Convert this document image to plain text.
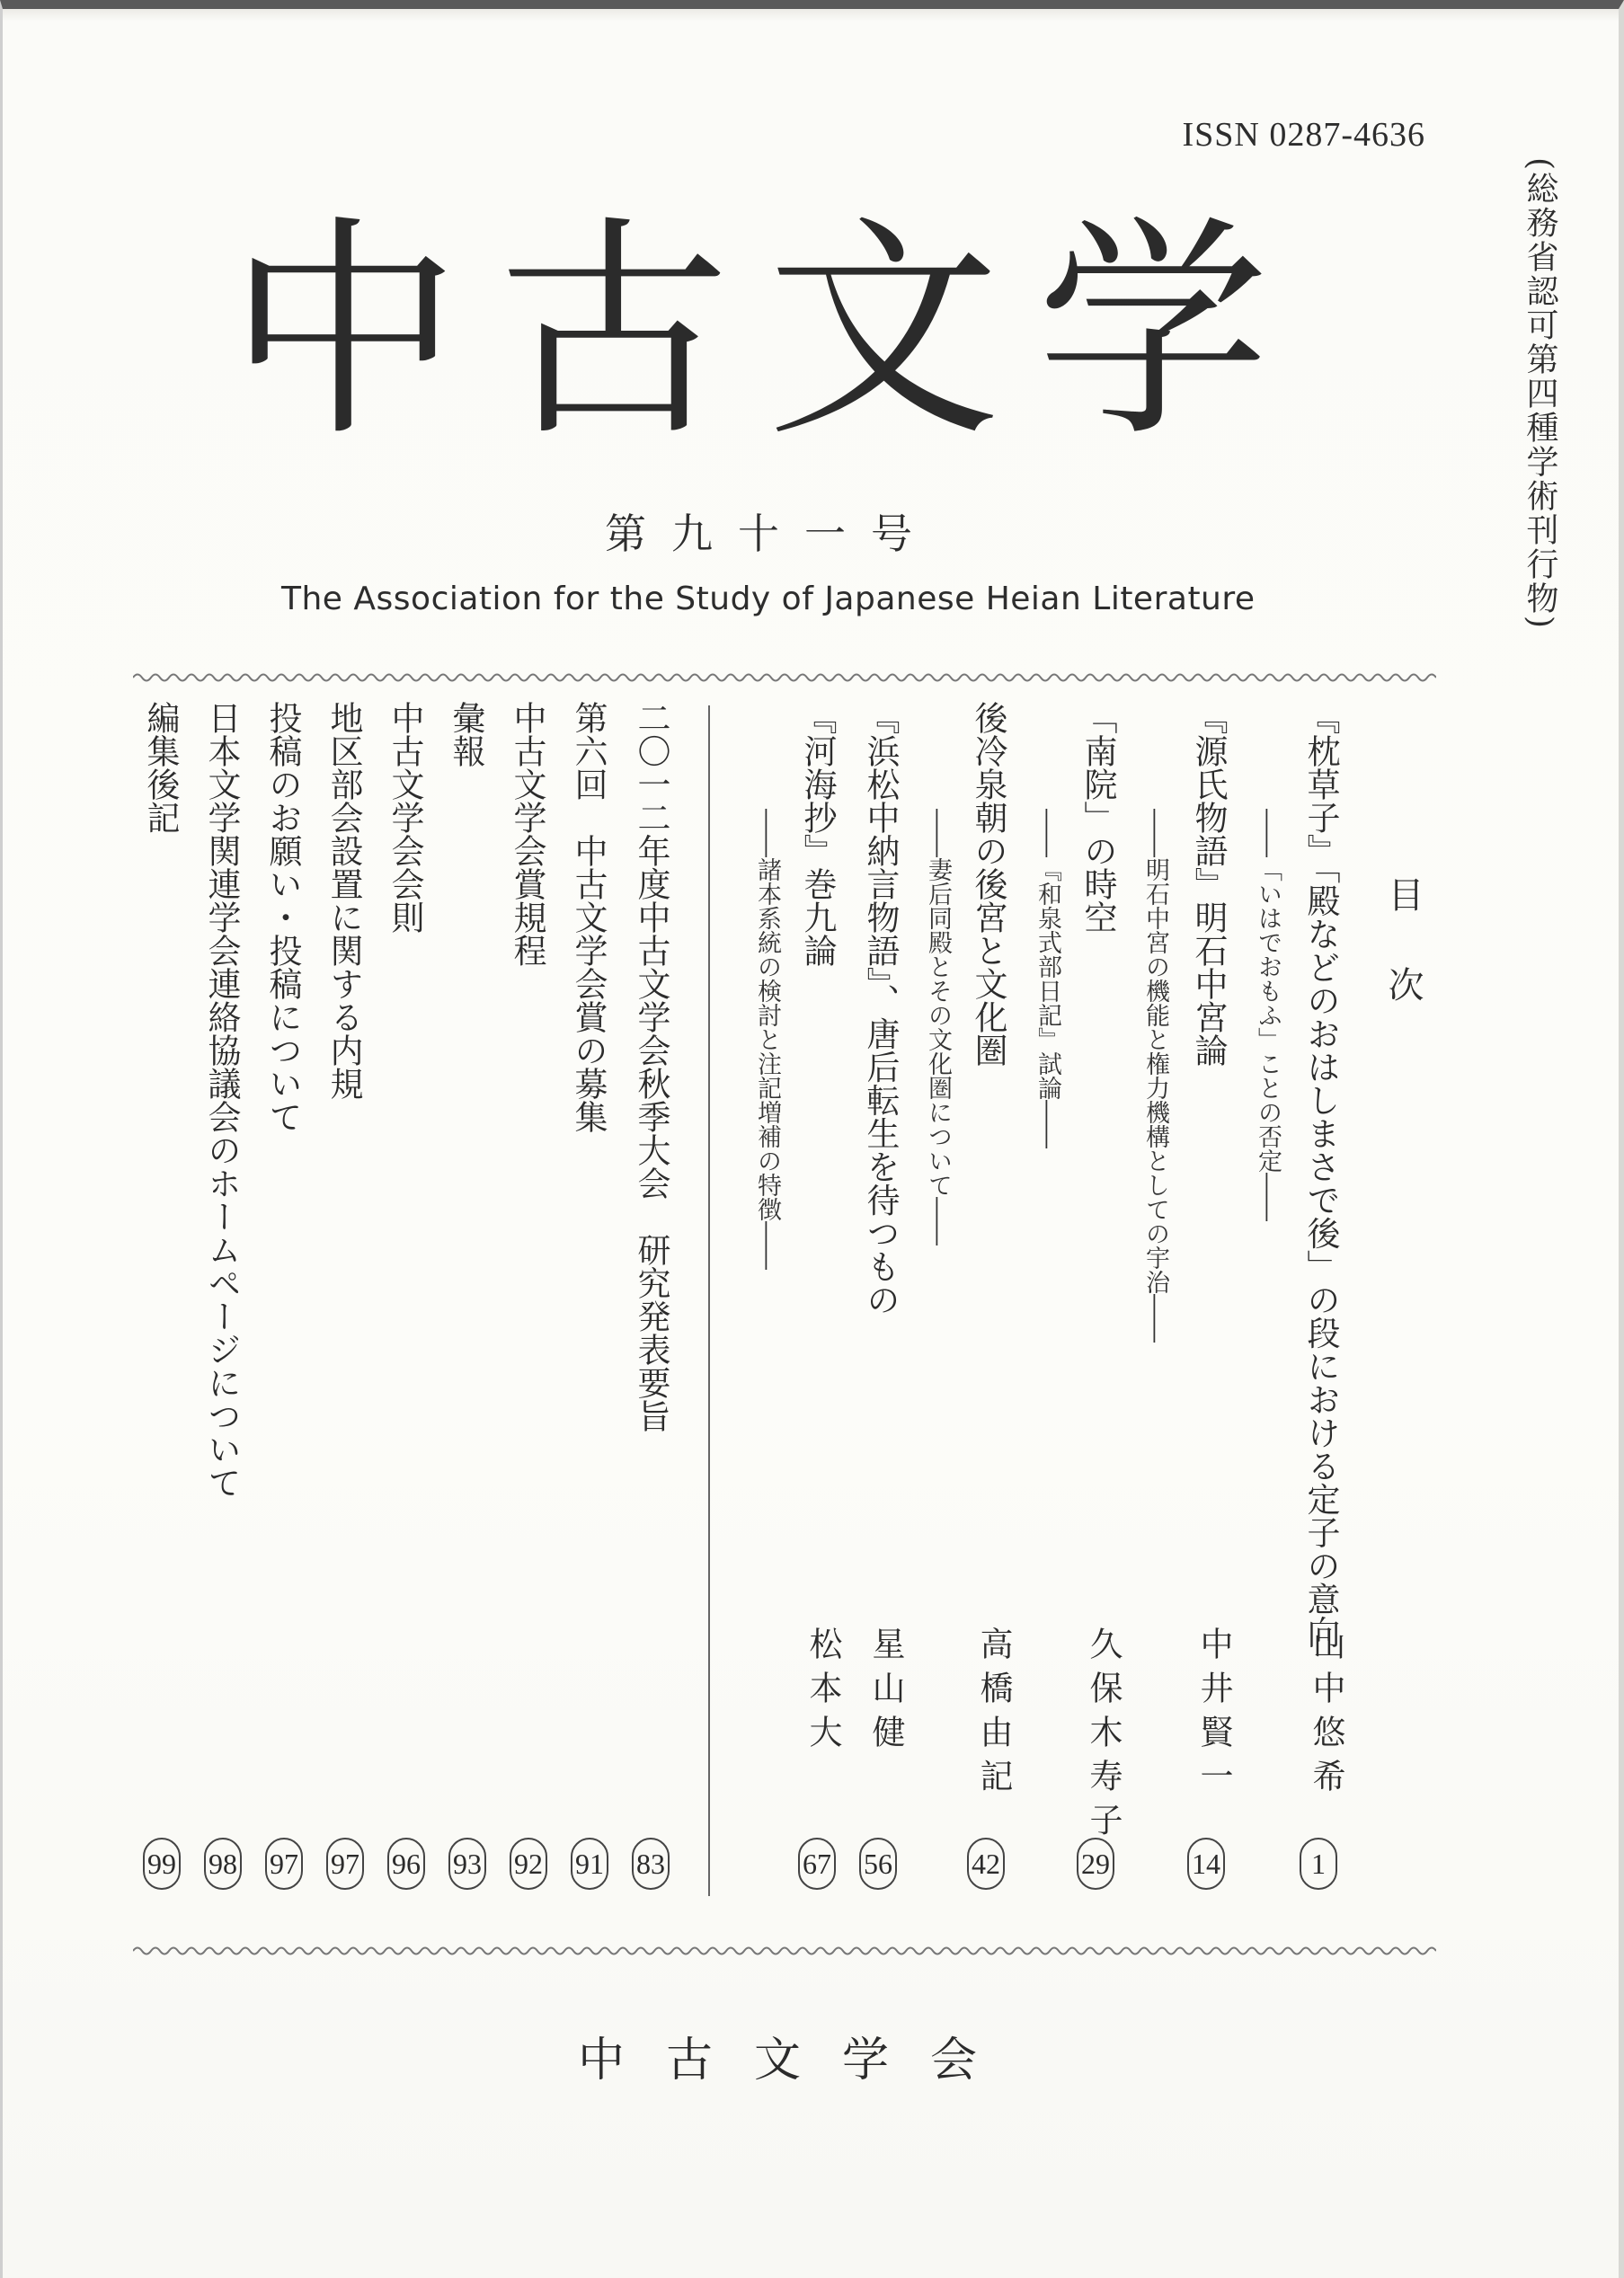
ISSN 0287-4636
(総務省認可第四種学術刊行物)
中古文学
第九十一号
The Association for the Study of Japanese Heian Literature
目次
『枕草子』「殿などのおはしまさで後」の段における定子の意向
――「いはでおもふ」ことの否定――
山中悠希
1
『源氏物語』明石中宮論
――明石中宮の機能と権力機構としての宇治――
中井賢一
14
「南院」の時空
――『和泉式部日記』試論――
久保木寿子
29
後冷泉朝の後宮と文化圏
――妻后同殿とその文化圏について――
高橋由記
42
『浜松中納言物語』、唐后転生を待つもの
星山健
56
『河海抄』巻九論
――諸本系統の検討と注記増補の特徴――
松本大
67
二〇一二年度中古文学会秋季大会　研究発表要旨
83
第六回　中古文学会賞の募集
91
中古文学会賞規程
92
彙報
93
中古文学会会則
96
地区部会設置に関する内規
97
投稿のお願い・投稿について
97
日本文学関連学会連絡協議会のホームページについて
98
編集後記
99
中古文学会
